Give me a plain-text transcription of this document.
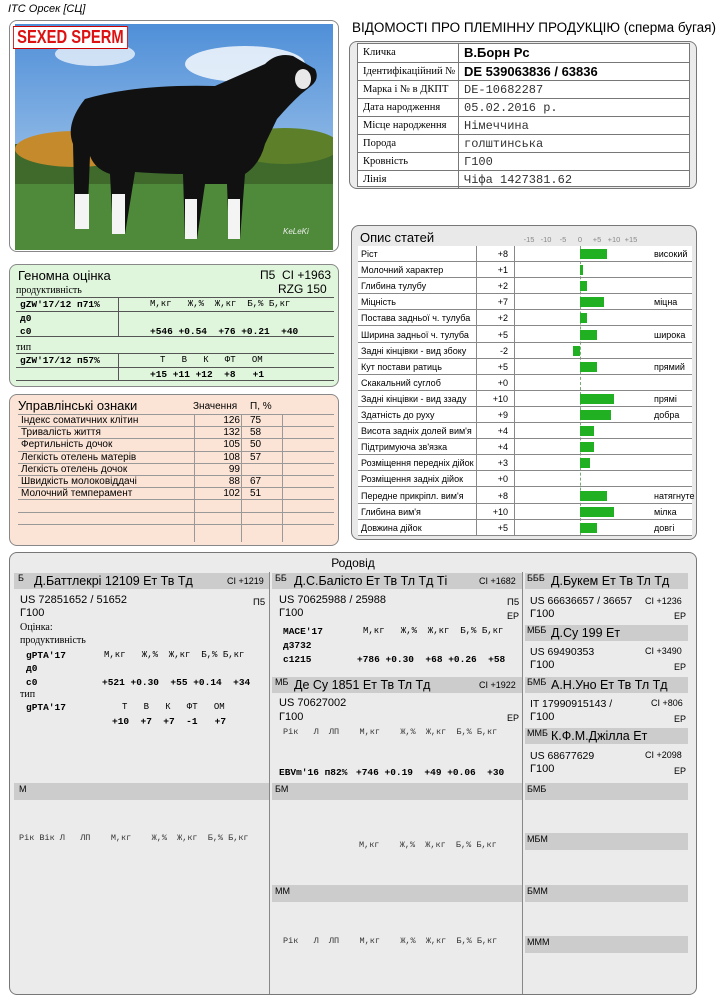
ITC Орсек [СЦ]
ВІДОМОСТІ ПРО ПЛЕМІННУ ПРОДУКЦІЮ (сперма бугая)
KeLeKi
SEXED SPERM
Кличка	В.Борн Рс
Ідентифікаційний № DE 539063836 / 63836
Марка і № в ДКПТ DE-10682287
Дата народження 05.02.2016 р.
Місце народження Німеччина
Порода	голштинська
Кровність	Г100
Лінія	Чіфа 1427381.62
Геномна оцінка	П5 CI +1963
RZG 150
продуктивність
gZW'17/12 п71%	М,кг   Ж,%  Ж,кг  Б,% Б,кг
д0
с0	+546 +0.54  +76 +0.21  +40
тип
gZW'17/12 п57%	Т   В   К   ФТ   ОМ
+15 +11 +12  +8   +1
Управлінські ознаки	Значення П, %
Індекс соматичних клітин	126 75
Тривалість життя	132 58
Фертильність дочок	105 50
Легкість отелень матерів	108 57
Легкість отелень дочок	99
Швидкість молоковіддачі	88 67
Молочний темперамент	102 51
Опис статей	-15 -10	-5	0	+5 +10 +15
Ріст	+8	високий
Молочний характер	+1
Глибина тулубу	+2
Міцність	+7	міцна
Постава задньої ч. тулуба	+2
Ширина задньої ч. тулуба	+5	широка
Задні кінцівки - вид збоку	-2
Кут постави ратиць	+5	прямий
Скакальний суглоб	+0
Задні кінцівки - вид ззаду	+10	прямі
Здатність до руху	+9	добра
Висота задніх долей вим'я	+4
Підтримуюча зв'язка	+4
Розміщення передніх дійок	+3
Розміщення задніх дійок	+0
Передне прикріпл. вим'я	+8	натягнуте
Глибина вим'я	+10	мілка
Довжина дійок	+5	довгі
Родовід
Б Д.Баттлекрі 12109 Ет Тв Тд	CI +1219
US 72851652 / 51652	П5
Г100
Оцінка:
продуктивність
gPTA'17	М,кг   Ж,%  Ж,кг  Б,% Б,кг
д0
с0	+521 +0.30  +55 +0.14  +34
тип
gPTA'17	Т   В   К   ФТ   ОМ
+10  +7  +7  -1   +7
ББ Д.С.Балісто Ет Тв Тл Тд Ті	CI +1682
US 70625988 / 25988	П5
Г100	ЕР
MACE'17	М,кг   Ж,%  Ж,кг  Б,% Б,кг
д3732
с1215	+786 +0.30  +68 +0.26  +58
МБ Де Су 1851 Ет Тв Тл Тд	CI +1922
US 70627002
Г100	ЕР
Рік   Л  ЛП    М,кг    Ж,%  Ж,кг  Б,% Б,кг
EBVm'16 п82% +746 +0.19  +49 +0.06  +30
БББ Д.Букем Ет Тв Тл Тд
US 66636657 / 36657 CI +1236
Г100	ЕР
МББ Д.Су 199 Ет
US 69490353	CI +3490
Г100	ЕР
БМБ А.Н.Уно Ет Тв Тл Тд
IT 17990915143 /	CI +806
Г100	ЕР
ММБ К.Ф.М.Джілла Ет
US 68677629	CI +2098
Г100	ЕР
М
Рік Вік Л   ЛП    М,кг    Ж,%  Ж,кг  Б,% Б,кг
БМ
М,кг    Ж,%  Ж,кг  Б,% Б,кг
БМБ
МБМ
ММ
Рік   Л  ЛП    М,кг    Ж,%  Ж,кг  Б,% Б,кг
БММ
МММ
